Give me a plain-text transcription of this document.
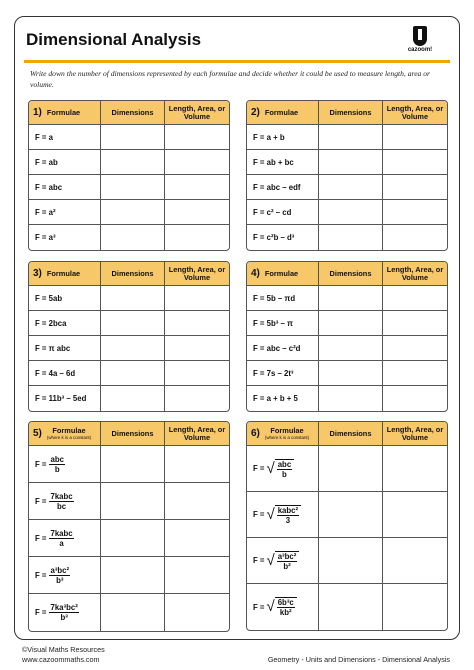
Dimensional Analysis
cazoom!
Write down the number of dimensions represented by each formulae and decide whether it could be used to measure length, area or volume.
1) Formulae	Dimensions	Length, Area, or Volume
F = a
F = ab
F = abc
F = a²
F = a³
2) Formulae	Dimensions	Length, Area, or Volume
F = a + b
F = ab + bc
F = abc – edf
F = c² – cd
F = c²b – d³
3) Formulae	Dimensions	Length, Area, or Volume
F = 5ab
F = 2bca
F = π abc
F = 4a – 6d
F = 11b³ – 5ed
4) Formulae	Dimensions	Length, Area, or Volume
F = 5b – πd
F = 5b³ – π
F = abc – c²d
F = 7s – 2t³
F = a + b + 5
5)	Formulae
(where k is a constant)	Dimensions	Length, Area, or Volume
$F = \frac{\text{abc}}{b}$
$F = \frac{\text{7kabc}}{bc}$
$F = \frac{\text{7kabc}}{a}$
$F = \frac{\text{a³bc²}}{\text{b³}}$
$F = \frac{\text{7ka³bc²}}{\text{b³}}$
6)	Formulae
(where k is a constant)	Dimensions	Length, Area, or Volume
F = √ $\frac{\text{abc}}{b}$
F = √ $\frac{\text{kabc²}}{3}$
F = √ $\frac{\text{a³bc²}}{\text{b²}}$
F = √ $\frac{\text{6b³c}}{\text{kb²}}$
©Visual Maths Resources
www.cazoommaths.com	Geometry - Units and Dimensions - Dimensional Analysis
